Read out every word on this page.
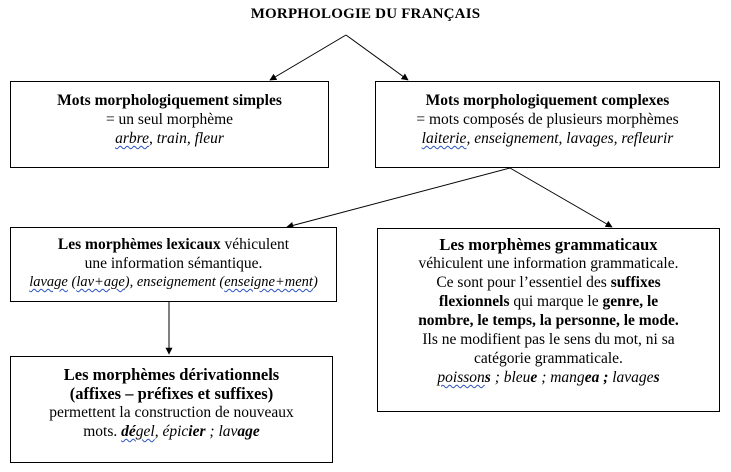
MORPHOLOGIE DU FRANÇAIS
Mots morphologiquement simples
= un seul morphème
arbre, train, fleur
Mots morphologiquement complexes
= mots composés de plusieurs morphèmes
laiterie, enseignement, lavages, refleurir
Les morphèmes lexicaux véhiculent
une information sémantique.
lavage (lav+age), enseignement (enseigne+ment)
Les morphèmes dérivationnels
(affixes – préfixes et suffixes)
permettent la construction de nouveaux
mots. dégel, épicier ; lavage
Les morphèmes grammaticaux
véhiculent une information grammaticale.
Ce sont pour l’essentiel des suffixes
flexionnels qui marque le genre, le
nombre, le temps, la personne, le mode.
Ils ne modifient pas le sens du mot, ni sa
catégorie grammaticale.
poissons ; bleue ; mangea ; lavages
